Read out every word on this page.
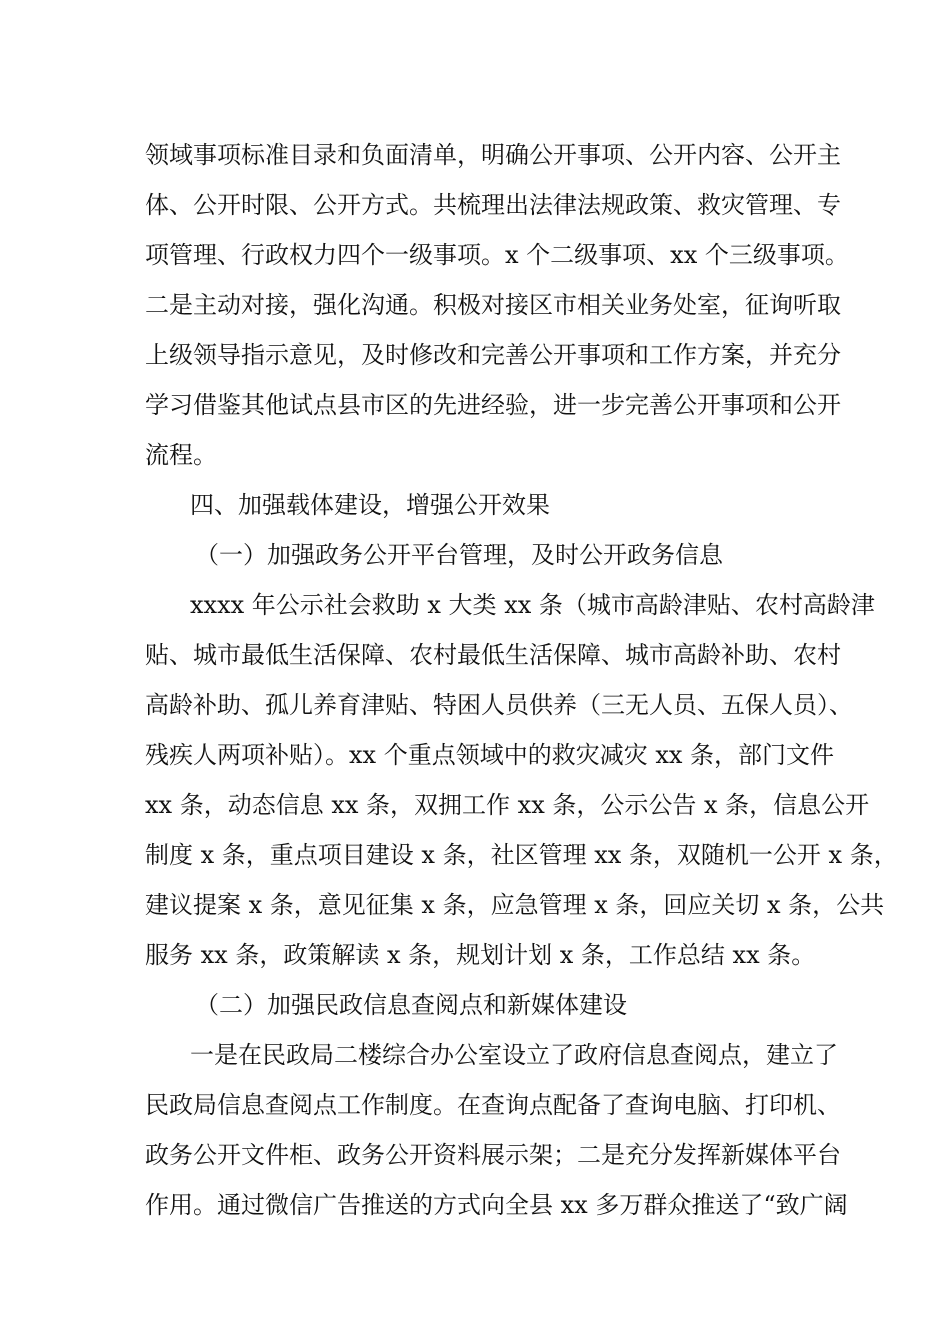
领域事项标准目录和负面清单，明确公开事项、公开内容、公开主
体、公开时限、公开方式。共梳理出法律法规政策、救灾管理、专
项管理、行政权力四个一级事项。x 个二级事项、xx 个三级事项。
二是主动对接，强化沟通。积极对接区市相关业务处室，征询听取
上级领导指示意见，及时修改和完善公开事项和工作方案，并充分
学习借鉴其他试点县市区的先进经验，进一步完善公开事项和公开
流程。
四、加强载体建设，增强公开效果
（一）加强政务公开平台管理，及时公开政务信息
xxxx 年公示社会救助 x 大类 xx 条（城市高龄津贴、农村高龄津
贴、城市最低生活保障、农村最低生活保障、城市高龄补助、农村
高龄补助、孤儿养育津贴、特困人员供养（三无人员、五保人员）、
残疾人两项补贴）。xx 个重点领域中的救灾减灾 xx 条，部门文件
xx 条，动态信息 xx 条，双拥工作 xx 条，公示公告 x 条，信息公开
制度 x 条，重点项目建设 x 条，社区管理 xx 条，双随机一公开 x 条，
建议提案 x 条，意见征集 x 条，应急管理 x 条，回应关切 x 条，公共
服务 xx 条，政策解读 x 条，规划计划 x 条，工作总结 xx 条。
（二）加强民政信息查阅点和新媒体建设
一是在民政局二楼综合办公室设立了政府信息查阅点，建立了
民政局信息查阅点工作制度。在查询点配备了查询电脑、打印机、
政务公开文件柜、政务公开资料展示架；二是充分发挥新媒体平台
作用。通过微信广告推送的方式向全县 xx 多万群众推送了“致广阔
